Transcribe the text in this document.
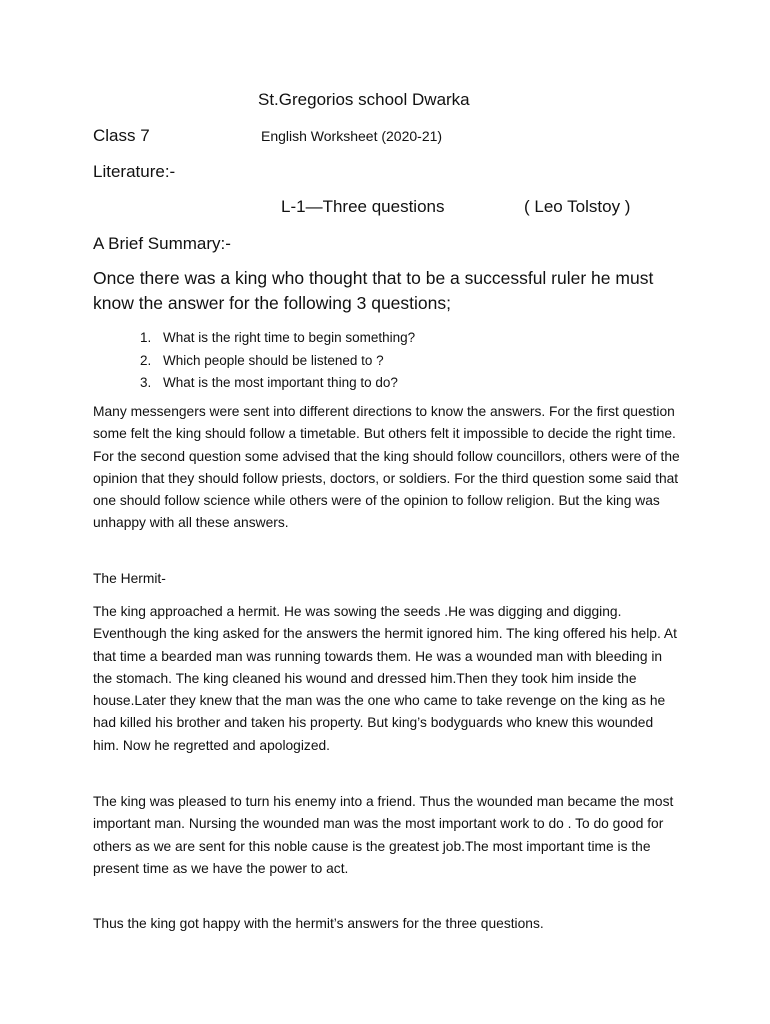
St.Gregorios school Dwarka
Class 7	English Worksheet (2020-21)
Literature:-
L-1—Three questions	( Leo Tolstoy )
A Brief Summary:-

Once there was a king who thought that to be a successful ruler he must know the answer for the following 3 questions;

1. What is the right time to begin something?
2. Which people should be listened to ?
3. What is the most important thing to do?

Many messengers were sent into different directions to know the answers. For the first question some felt the king should follow a timetable. But others felt it impossible to decide the right time. For the second question some advised that the king should follow councillors, others were of the opinion that they should follow priests, doctors, or soldiers. For the third question some said that one should follow science while others were of the opinion to follow religion. But the king was unhappy with all these answers.

The Hermit-

The king approached a hermit. He was sowing the seeds .He was digging and digging. Eventhough the king asked for the answers the hermit ignored him. The king offered his help. At that time a bearded man was running towards them. He was a wounded man with bleeding in the stomach. The king cleaned his wound and dressed him.Then they took him inside the house.Later they knew that the man was the one who came to take revenge on the king as he had killed his brother and taken his property. But king’s bodyguards who knew this wounded him. Now he regretted and apologized.

The king was pleased to turn his enemy into a friend. Thus the wounded man became the most important man. Nursing the wounded man was the most important work to do . To do good for others as we are sent for this noble cause is the greatest job.The most important time is the present time as we have the power to act.

Thus the king got happy with the hermit’s answers for the three questions.
